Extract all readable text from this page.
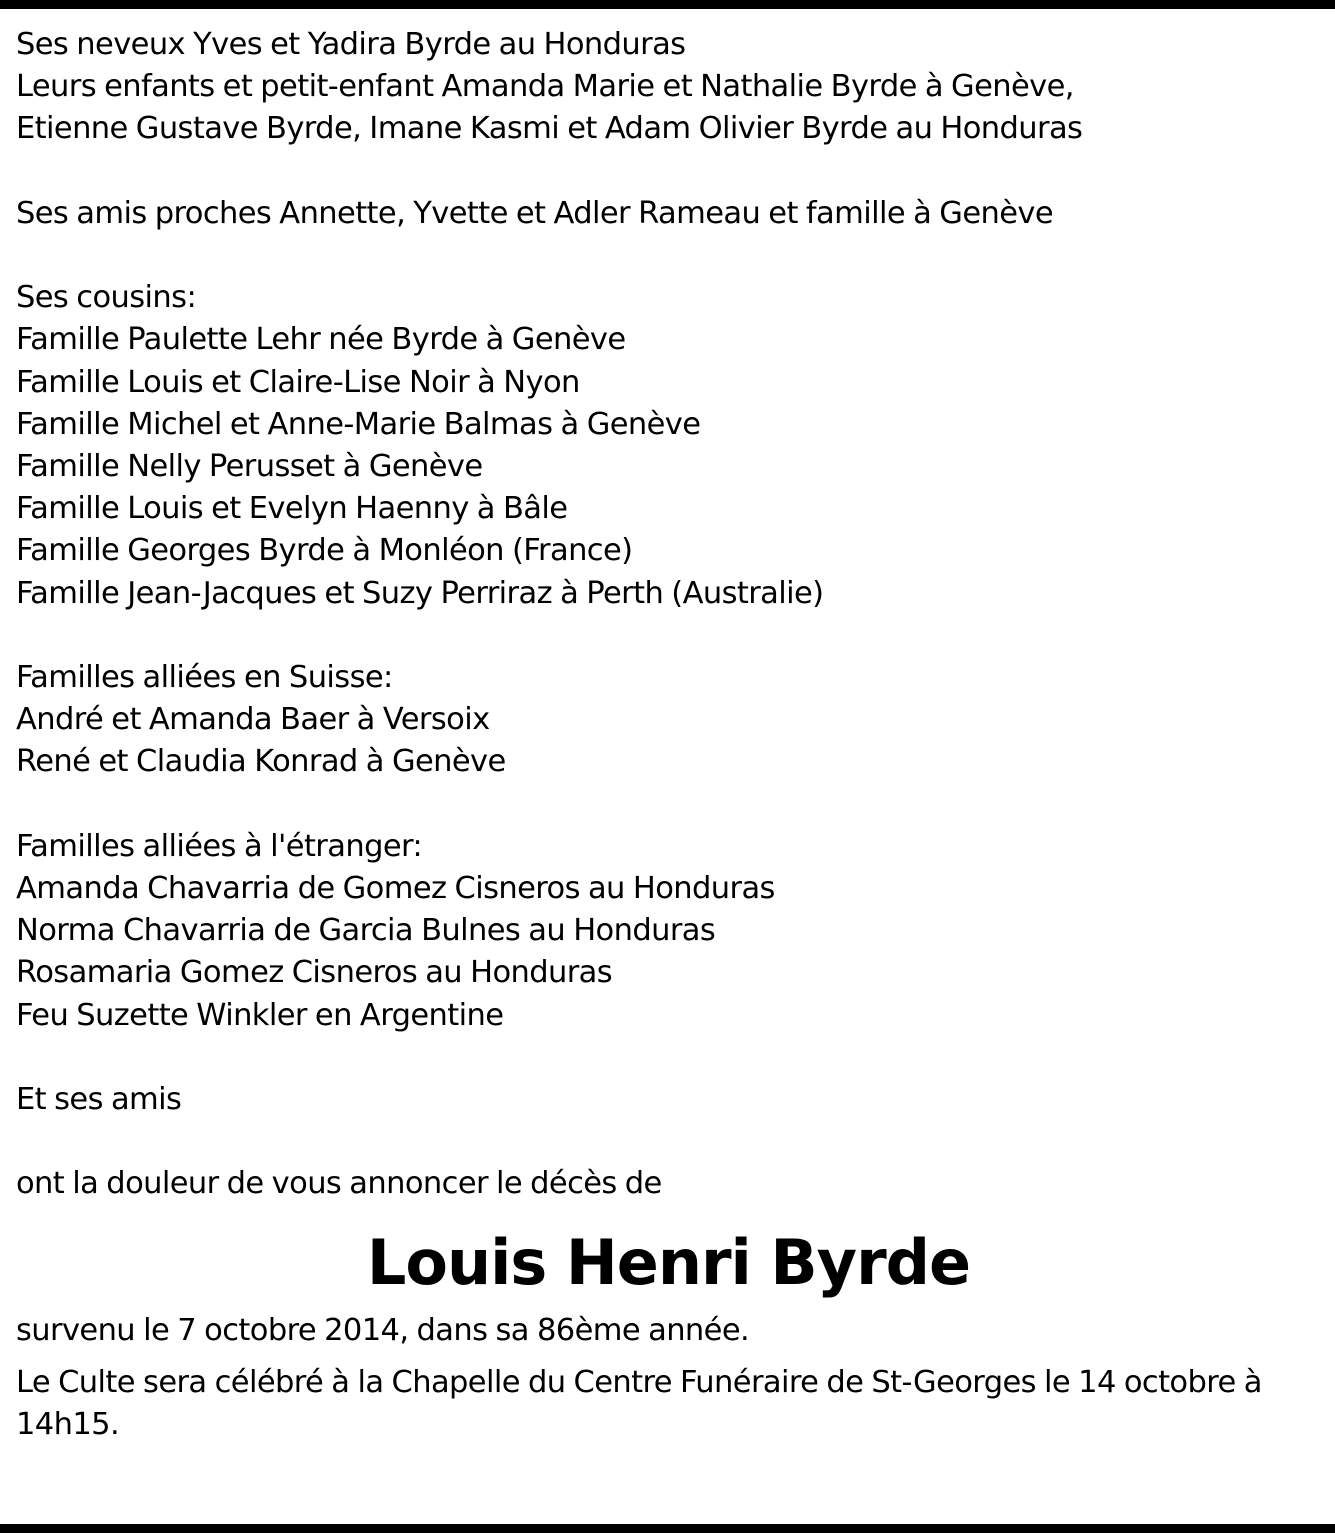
Ses neveux Yves et Yadira Byrde au Honduras
Leurs enfants et petit-enfant Amanda Marie et Nathalie Byrde à Genève,
Etienne Gustave Byrde, Imane Kasmi et Adam Olivier Byrde au Honduras
Ses amis proches Annette, Yvette et Adler Rameau et famille à Genève
Ses cousins:
Famille Paulette Lehr née Byrde à Genève
Famille Louis et Claire-Lise Noir à Nyon
Famille Michel et Anne-Marie Balmas à Genève
Famille Nelly Perusset à Genève
Famille Louis et Evelyn Haenny à Bâle
Famille Georges Byrde à Monléon (France)
Famille Jean-Jacques et Suzy Perriraz à Perth (Australie)
Familles alliées en Suisse:
André et Amanda Baer à Versoix
René et Claudia Konrad à Genève
Familles alliées à l'étranger:
Amanda Chavarria de Gomez Cisneros au Honduras
Norma Chavarria de Garcia Bulnes au Honduras
Rosamaria Gomez Cisneros au Honduras
Feu Suzette Winkler en Argentine
Et ses amis
ont la douleur de vous annoncer le décès de
Louis Henri Byrde
survenu le 7 octobre 2014, dans sa 86ème année.
Le Culte sera célébré à la Chapelle du Centre Funéraire de St-Georges le 14 octobre à 14h15.
